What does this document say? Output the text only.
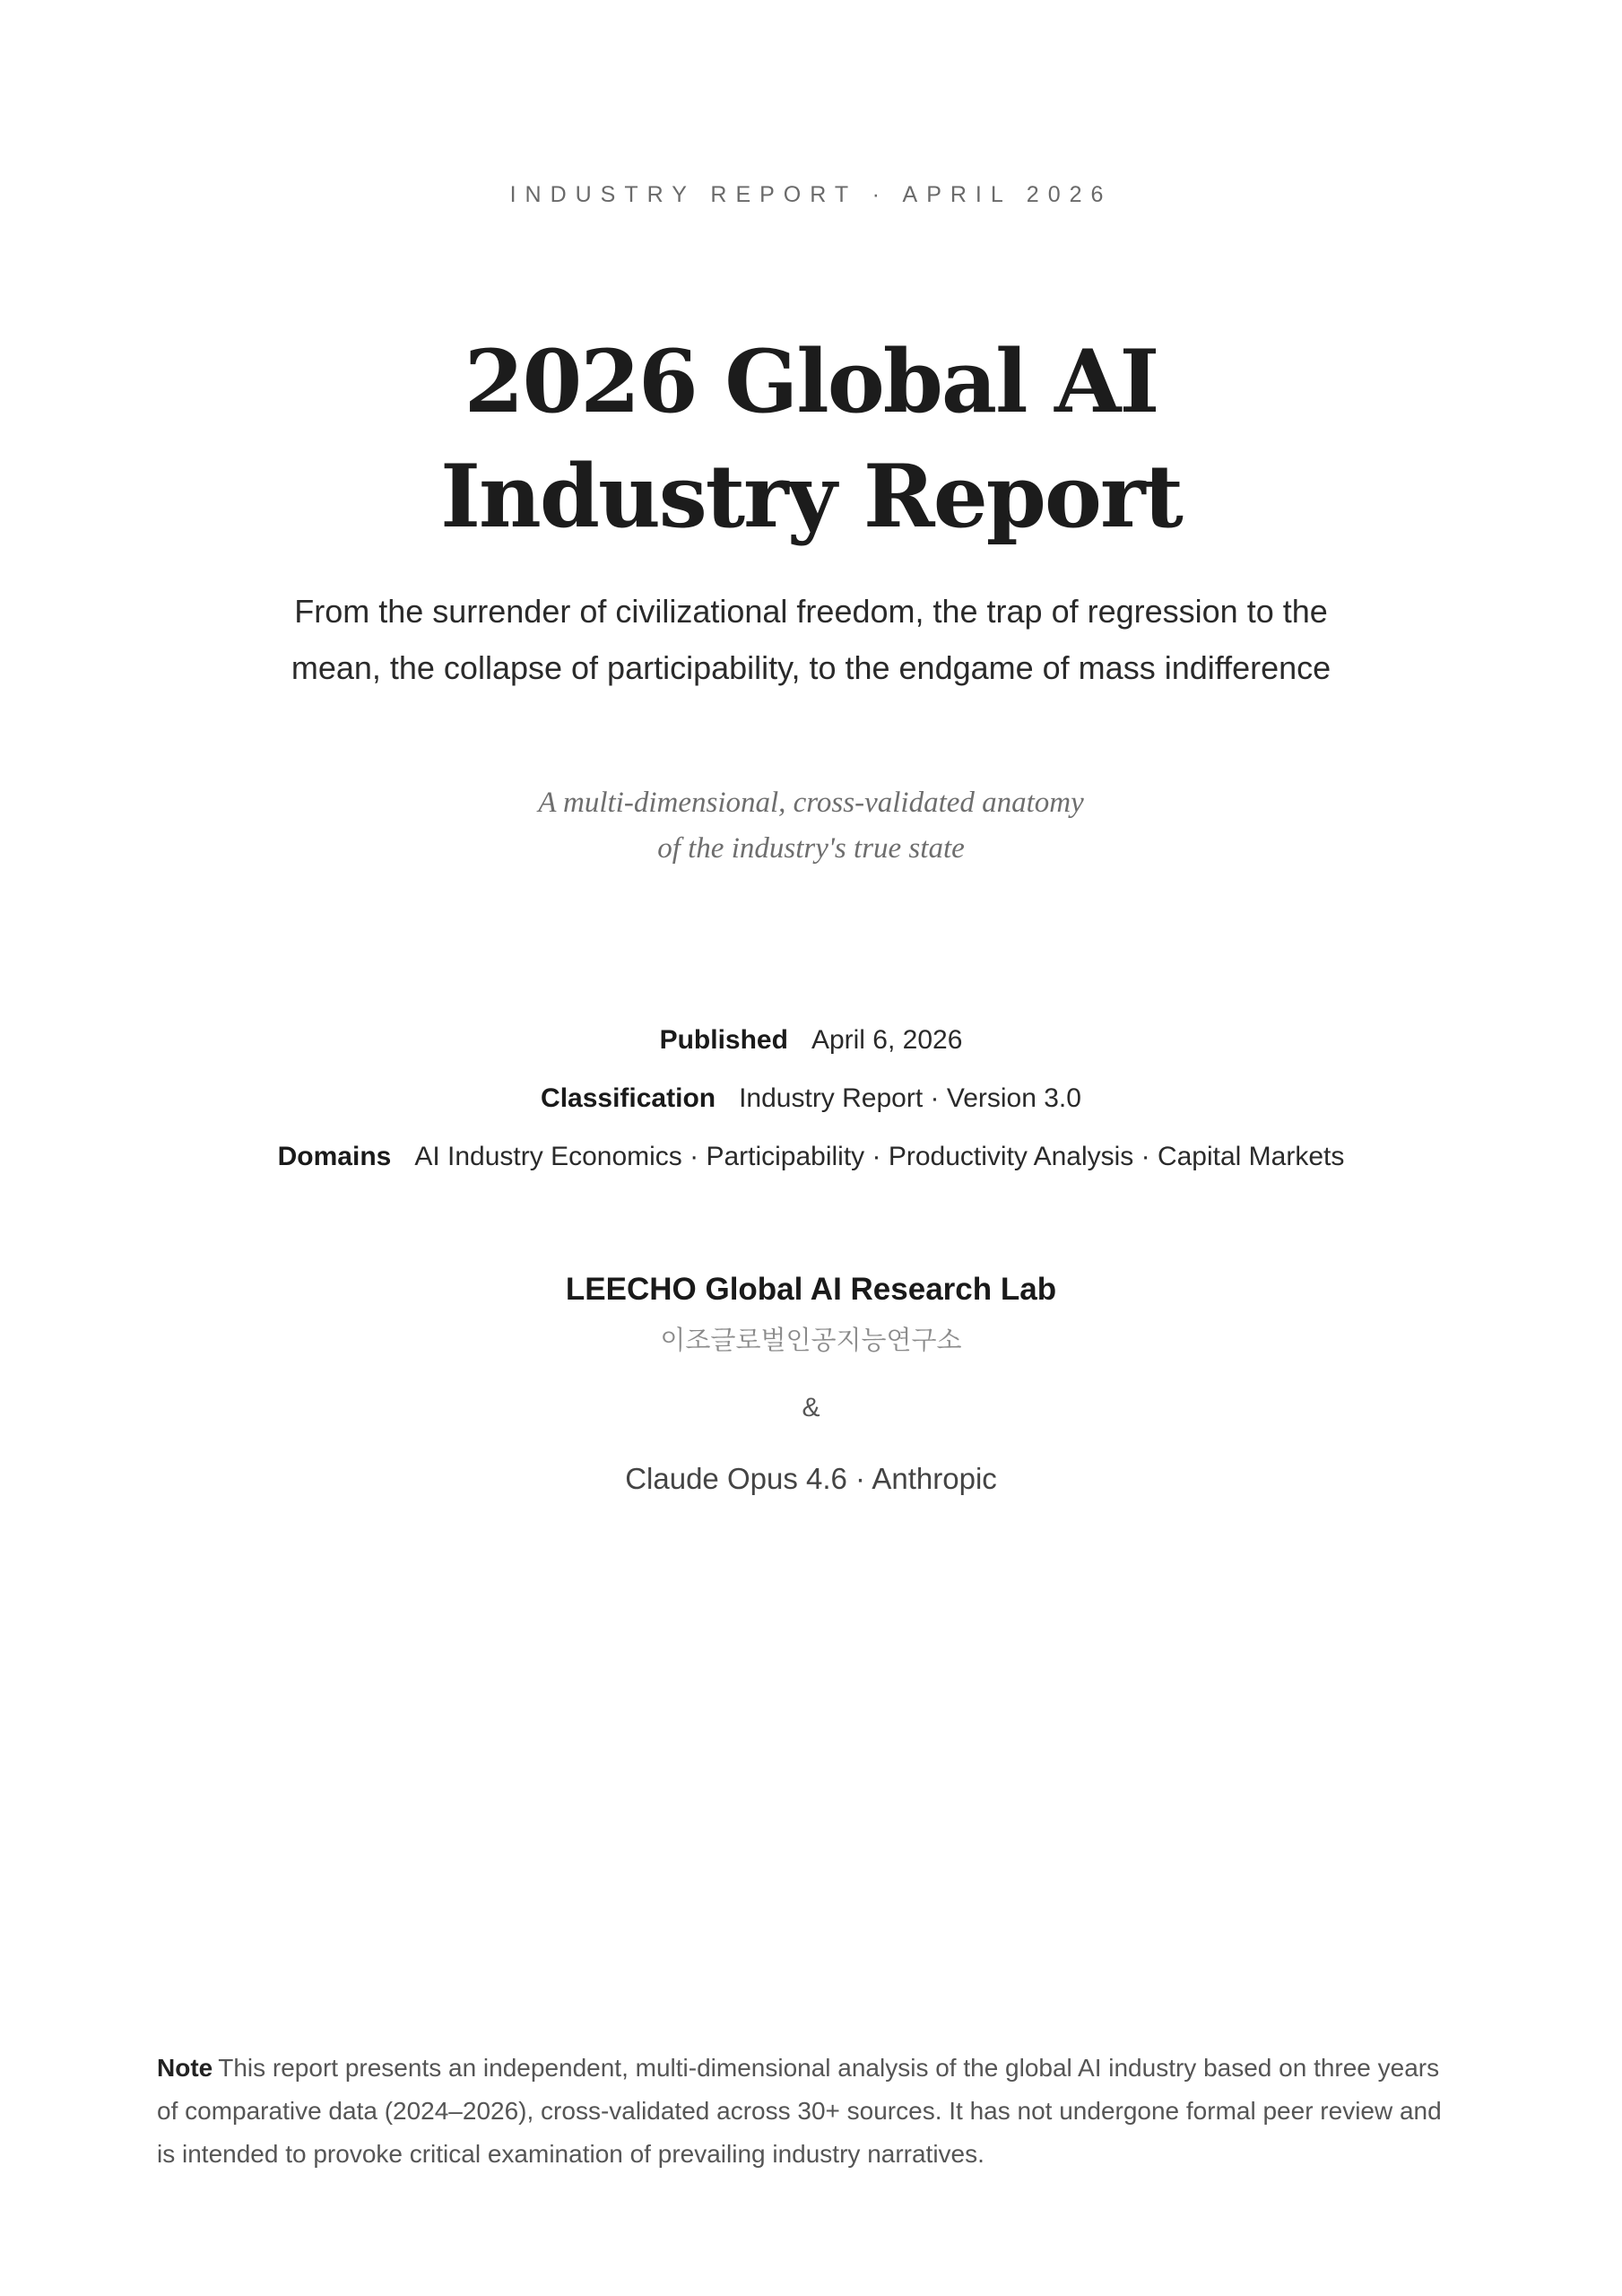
INDUSTRY REPORT · APRIL 2026
2026 Global AI
Industry Report
From the surrender of civilizational freedom, the trap of regression to the mean, the collapse of participability, to the endgame of mass indifference
A multi-dimensional, cross-validated anatomy
of the industry's true state
Published April 6, 2026
Classification Industry Report · Version 3.0
Domains AI Industry Economics · Participability · Productivity Analysis · Capital Markets
LEECHO Global AI Research Lab
이조글로벌인공지능연구소
&
Claude Opus 4.6 · Anthropic
Note This report presents an independent, multi-dimensional analysis of the global AI industry based on three years of comparative data (2024–2026), cross-validated across 30+ sources. It has not undergone formal peer review and is intended to provoke critical examination of prevailing industry narratives.
